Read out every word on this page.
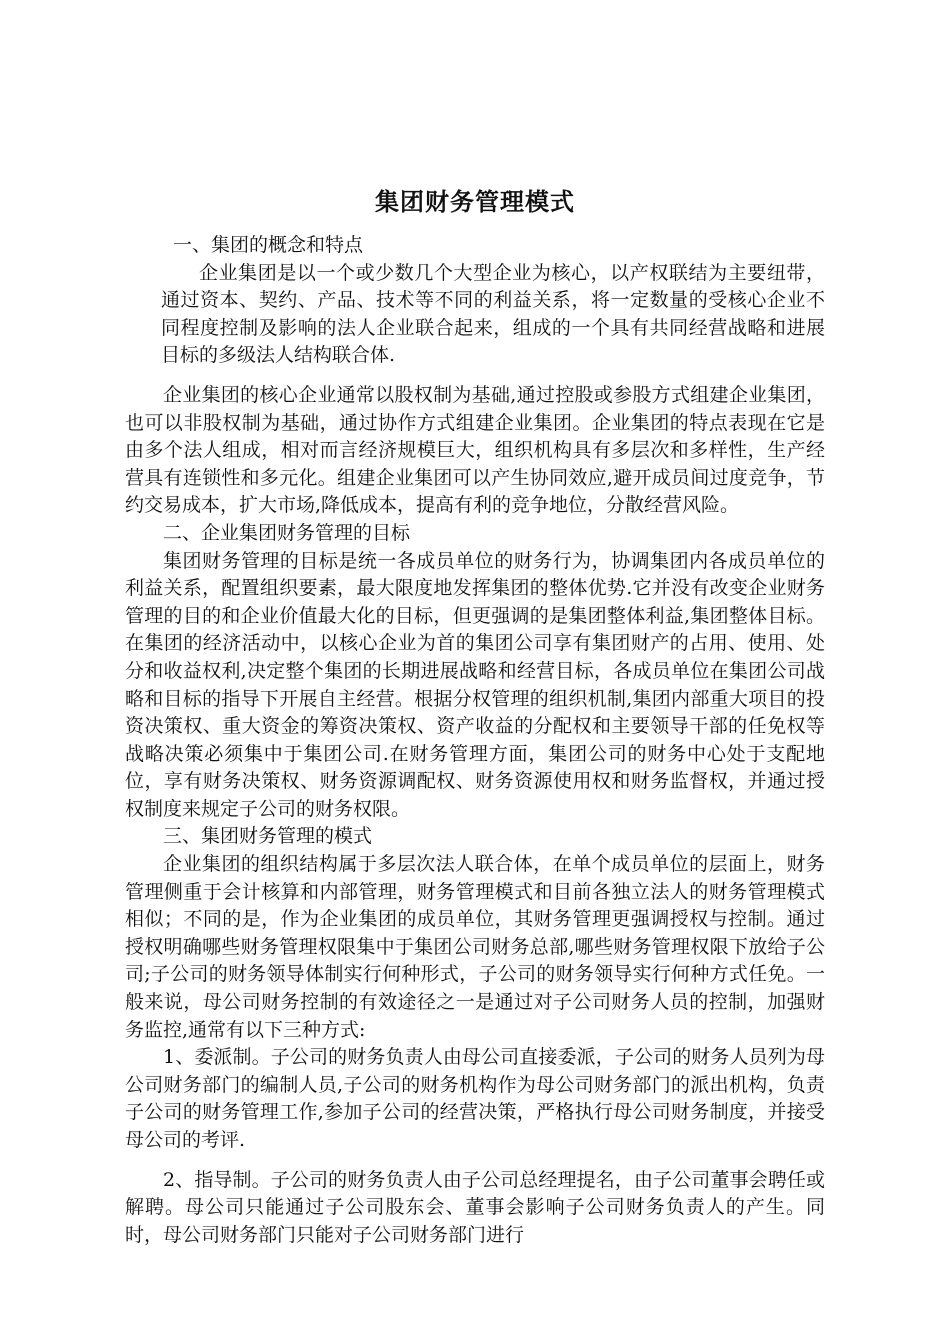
集团财务管理模式
一、集团的概念和特点

企业集团是以一个或少数几个大型企业为核心，以产权联结为主要纽带，通过资本、契约、产品、技术等不同的利益关系，将一定数量的受核心企业不同程度控制及影响的法人企业联合起来，组成的一个具有共同经营战略和进展目标的多级法人结构联合体.

企业集团的核心企业通常以股权制为基础,通过控股或参股方式组建企业集团，也可以非股权制为基础，通过协作方式组建企业集团。企业集团的特点表现在它是由多个法人组成，相对而言经济规模巨大，组织机构具有多层次和多样性，生产经营具有连锁性和多元化。组建企业集团可以产生协同效应,避开成员间过度竞争，节约交易成本，扩大市场,降低成本，提高有利的竞争地位，分散经营风险。

二、企业集团财务管理的目标

集团财务管理的目标是统一各成员单位的财务行为，协调集团内各成员单位的利益关系，配置组织要素，最大限度地发挥集团的整体优势.它并没有改变企业财务管理的目的和企业价值最大化的目标，但更强调的是集团整体利益,集团整体目标。在集团的经济活动中，以核心企业为首的集团公司享有集团财产的占用、使用、处分和收益权利,决定整个集团的长期进展战略和经营目标，各成员单位在集团公司战略和目标的指导下开展自主经营。根据分权管理的组织机制,集团内部重大项目的投资决策权、重大资金的筹资决策权、资产收益的分配权和主要领导干部的任免权等战略决策必须集中于集团公司.在财务管理方面，集团公司的财务中心处于支配地位，享有财务决策权、财务资源调配权、财务资源使用权和财务监督权，并通过授权制度来规定子公司的财务权限。

三、集团财务管理的模式

企业集团的组织结构属于多层次法人联合体，在单个成员单位的层面上，财务管理侧重于会计核算和内部管理，财务管理模式和目前各独立法人的财务管理模式相似；不同的是，作为企业集团的成员单位，其财务管理更强调授权与控制。通过授权明确哪些财务管理权限集中于集团公司财务总部,哪些财务管理权限下放给子公司;子公司的财务领导体制实行何种形式，子公司的财务领导实行何种方式任免。一般来说，母公司财务控制的有效途径之一是通过对子公司财务人员的控制，加强财务监控,通常有以下三种方式:

1、委派制。子公司的财务负责人由母公司直接委派，子公司的财务人员列为母公司财务部门的编制人员,子公司的财务机构作为母公司财务部门的派出机构，负责子公司的财务管理工作,参加子公司的经营决策，严格执行母公司财务制度，并接受母公司的考评.

2、指导制。子公司的财务负责人由子公司总经理提名，由子公司董事会聘任或解聘。母公司只能通过子公司股东会、董事会影响子公司财务负责人的产生。同时，母公司财务部门只能对子公司财务部门进行
